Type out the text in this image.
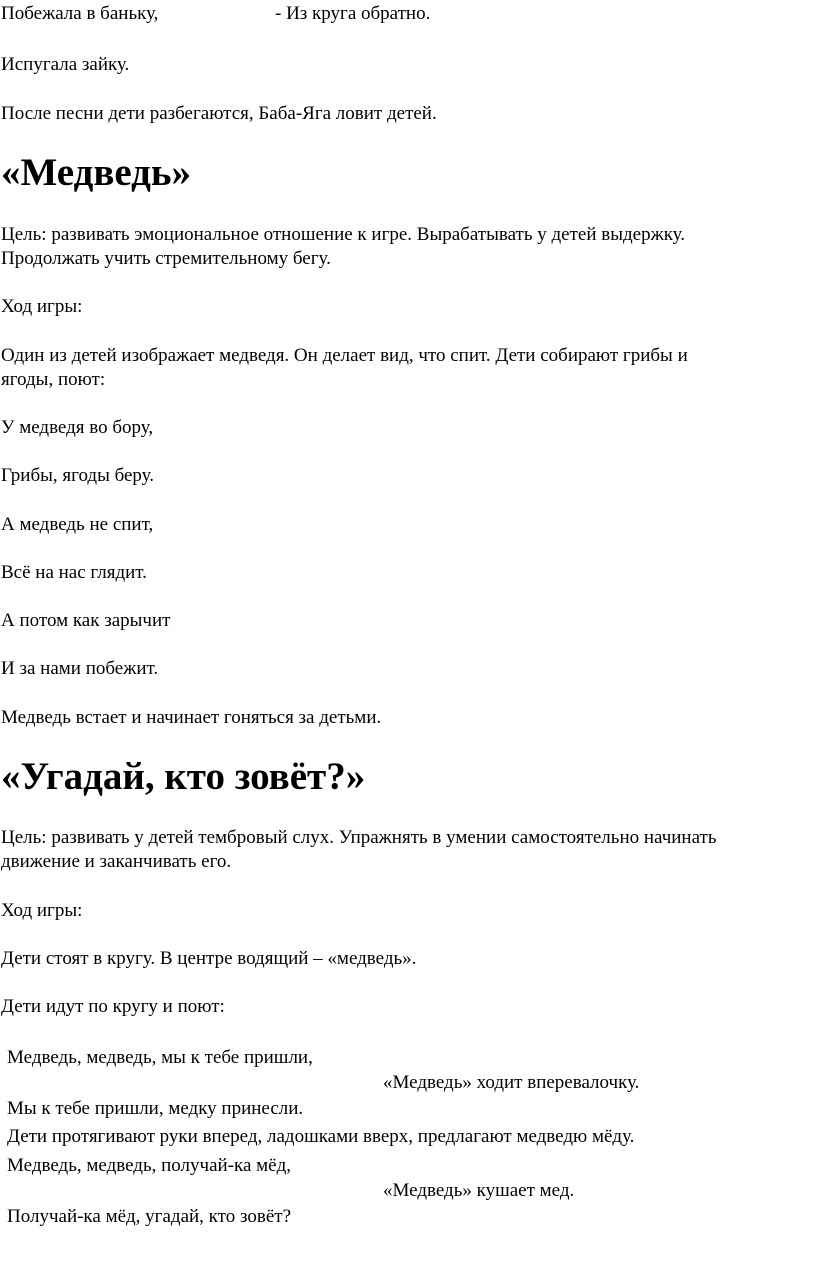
Побежала в баньку,	- Из круга обратно.
Испугала зайку.
После песни дети разбегаются, Баба-Яга ловит детей.
«Медведь»
Цель: развивать эмоциональное отношение к игре. Вырабатывать у детей выдержку.
Продолжать учить стремительному бегу.
Ход игры:
Один из детей изображает медведя. Он делает вид, что спит. Дети собирают грибы и
ягоды, поют:
У медведя во бору,
Грибы, ягоды беру.
А медведь не спит,
Всё на нас глядит.
А потом как зарычит
И за нами побежит.
Медведь встает и начинает гоняться за детьми.
«Угадай, кто зовёт?»
Цель: развивать у детей тембровый слух. Упражнять в умении самостоятельно начинать
движение и заканчивать его.
Ход игры:
Дети стоят в кругу. В центре водящий – «медведь».
Дети идут по кругу и поют:
Медведь, медведь, мы к тебе пришли,
«Медведь» ходит вперевалочку.
Мы к тебе пришли, медку принесли.
Дети протягивают руки вперед, ладошками вверх, предлагают медведю мёду.
Медведь, медведь, получай-ка мёд,
«Медведь» кушает мед.
Получай-ка мёд, угадай, кто зовёт?
